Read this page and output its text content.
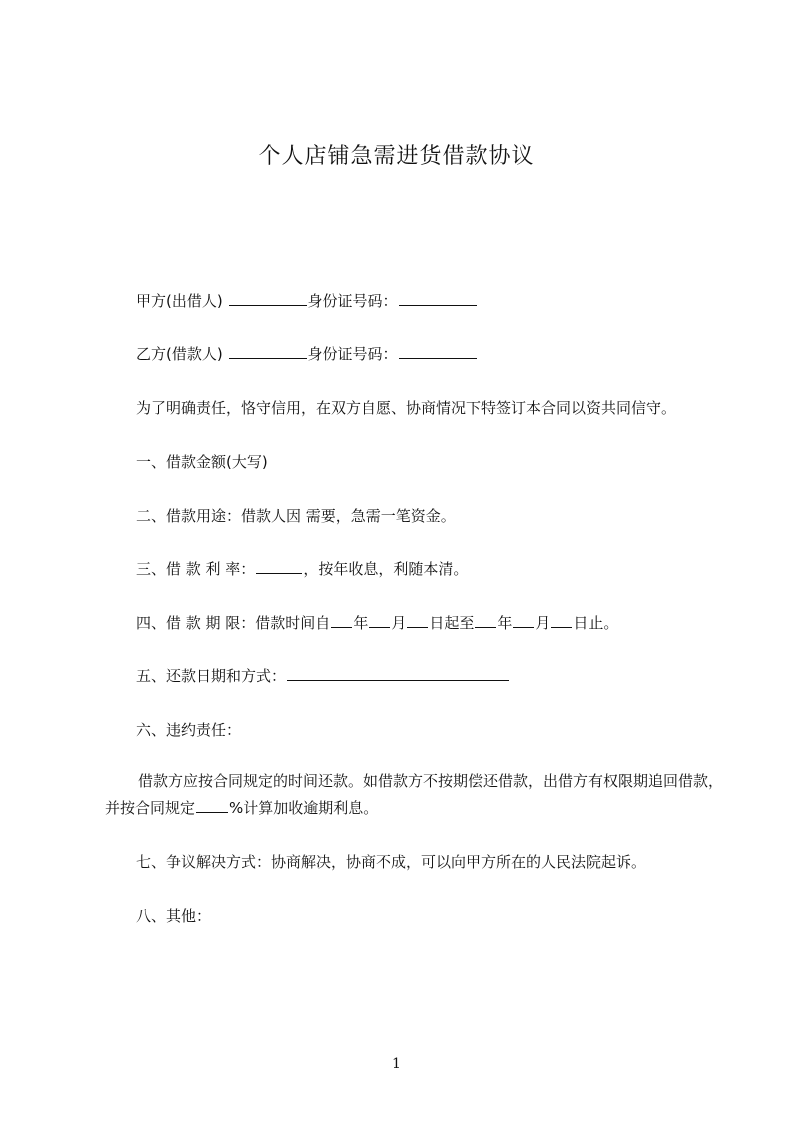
个人店铺急需进货借款协议
甲方(出借人)	身份证号码：
乙方(借款人)	身份证号码：
为了明确责任，恪守信用，在双方自愿、协商情况下特签订本合同以资共同信守。
一、借款金额(大写)
二、借款用途：借款人因 需要，急需一笔资金。
三、借 款 利 率：	，按年收息，利随本清。
四、借 款 期 限：借款时间自 年 月 日起至 年 月 日止。
五、还款日期和方式：
六、违约责任：
借款方应按合同规定的时间还款。如借款方不按期偿还借款，出借方有权限期追回借款，并按合同规定 %计算加收逾期利息。
七、争议解决方式：协商解决，协商不成，可以向甲方所在的人民法院起诉。
八、其他：
1
